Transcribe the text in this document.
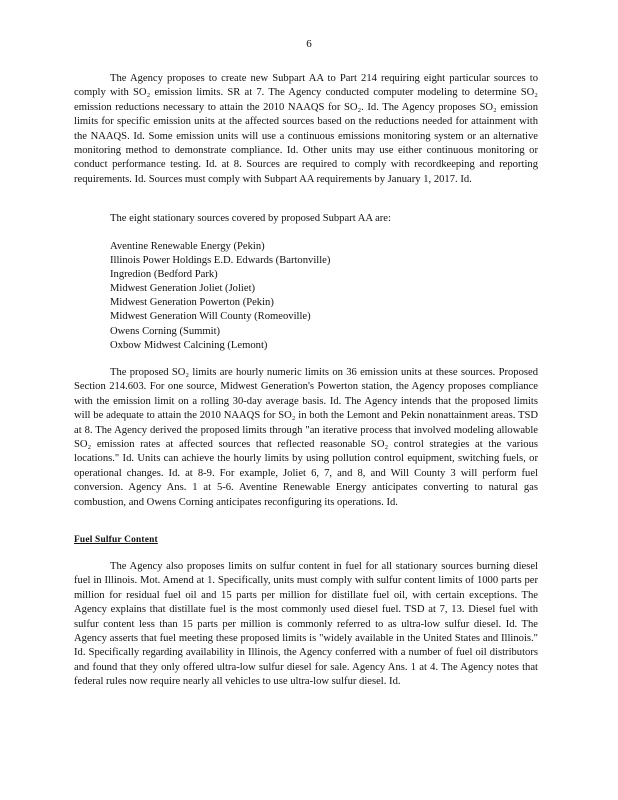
6

The Agency proposes to create new Subpart AA to Part 214 requiring eight particular sources to comply with SO₂ emission limits. SR at 7. The Agency conducted computer modeling to determine SO₂ emission reductions necessary to attain the 2010 NAAQS for SO₂. Id. The Agency proposes SO₂ emission limits for specific emission units at the affected sources based on the reductions needed for attainment with the NAAQS. Id. Some emission units will use a continuous emissions monitoring system or an alternative monitoring method to demonstrate compliance. Id. Other units may use either continuous monitoring or conduct performance testing. Id. at 8. Sources are required to comply with recordkeeping and reporting requirements. Id. Sources must comply with Subpart AA requirements by January 1, 2017. Id.

The eight stationary sources covered by proposed Subpart AA are:

Aventine Renewable Energy (Pekin)
Illinois Power Holdings E.D. Edwards (Bartonville)
Ingredion (Bedford Park)
Midwest Generation Joliet (Joliet)
Midwest Generation Powerton (Pekin)
Midwest Generation Will County (Romeoville)
Owens Corning (Summit)
Oxbow Midwest Calcining (Lemont)

The proposed SO₂ limits are hourly numeric limits on 36 emission units at these sources. Proposed Section 214.603. For one source, Midwest Generation's Powerton station, the Agency proposes compliance with the emission limit on a rolling 30-day average basis. Id. The Agency intends that the proposed limits will be adequate to attain the 2010 NAAQS for SO₂ in both the Lemont and Pekin nonattainment areas. TSD at 8. The Agency derived the proposed limits through "an iterative process that involved modeling allowable SO₂ emission rates at affected sources that reflected reasonable SO₂ control strategies at the various locations." Id. Units can achieve the hourly limits by using pollution control equipment, switching fuels, or operational changes. Id. at 8-9. For example, Joliet 6, 7, and 8, and Will County 3 will perform fuel conversion. Agency Ans. 1 at 5-6. Aventine Renewable Energy anticipates converting to natural gas combustion, and Owens Corning anticipates reconfiguring its operations. Id.

Fuel Sulfur Content

The Agency also proposes limits on sulfur content in fuel for all stationary sources burning diesel fuel in Illinois. Mot. Amend at 1. Specifically, units must comply with sulfur content limits of 1000 parts per million for residual fuel oil and 15 parts per million for distillate fuel oil, with certain exceptions. The Agency explains that distillate fuel is the most commonly used diesel fuel. TSD at 7, 13. Diesel fuel with sulfur content less than 15 parts per million is commonly referred to as ultra-low sulfur diesel. Id. The Agency asserts that fuel meeting these proposed limits is "widely available in the United States and Illinois." Id. Specifically regarding availability in Illinois, the Agency conferred with a number of fuel oil distributors and found that they only offered ultra-low sulfur diesel for sale. Agency Ans. 1 at 4. The Agency notes that federal rules now require nearly all vehicles to use ultra-low sulfur diesel. Id.
